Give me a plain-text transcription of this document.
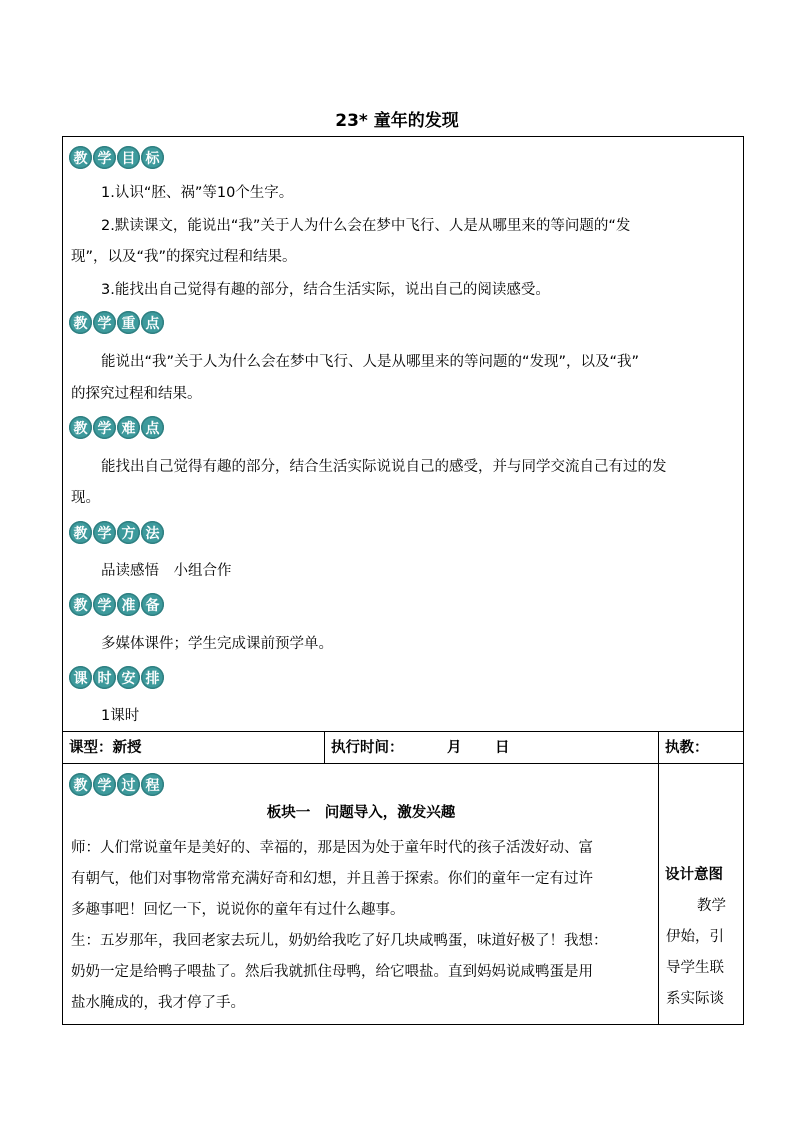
23* 童年的发现
教 学 目 标
1.认识“胚、祸”等10个生字。
2.默读课文，能说出“我”关于人为什么会在梦中飞行、人是从哪里来的等问题的“发
现”，以及“我”的探究过程和结果。
3.能找出自己觉得有趣的部分，结合生活实际，说出自己的阅读感受。
教 学 重 点
能说出“我”关于人为什么会在梦中飞行、人是从哪里来的等问题的“发现”，以及“我”
的探究过程和结果。
教 学 难 点
能找出自己觉得有趣的部分，结合生活实际说说自己的感受，并与同学交流自己有过的发
现。
教 学 方 法
品读感悟　小组合作
教 学 准 备
多媒体课件；学生完成课前预学单。
课 时 安 排
1课时
课型：新授	执行时间：	月 日	执教：
教 学 过 程
板块一　问题导入，激发兴趣
师：人们常说童年是美好的、幸福的，那是因为处于童年时代的孩子活泼好动、富
有朝气，他们对事物常常充满好奇和幻想，并且善于探索。你们的童年一定有过许
多趣事吧！回忆一下，说说你的童年有过什么趣事。
生：五岁那年，我回老家去玩儿，奶奶给我吃了好几块咸鸭蛋，味道好极了！我想：
奶奶一定是给鸭子喂盐了。然后我就抓住母鸭，给它喂盐。直到妈妈说咸鸭蛋是用
盐水腌成的，我才停了手。
设计意图
教学
伊始，引
导学生联
系实际谈
